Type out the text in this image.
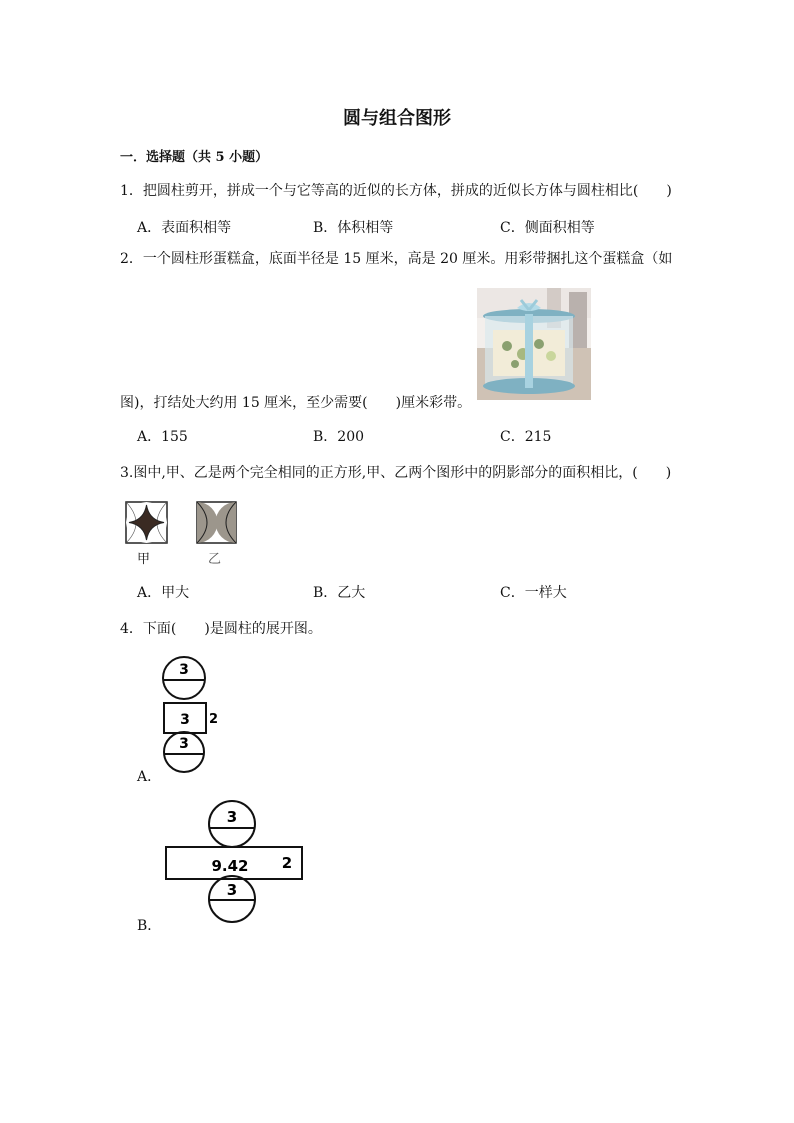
圆与组合图形
一．选择题（共 5 小题）
1．把圆柱剪开，拼成一个与它等高的近似的长方体，拼成的近似长方体与圆柱相比(　　)
A．表面积相等	B．体积相等	C．侧面积相等
2．一个圆柱形蛋糕盒，底面半径是 15 厘米，高是 20 厘米。用彩带捆扎这个蛋糕盒（如
图)，打结处大约用 15 厘米，至少需要(　　)厘米彩带。
A．155	B．200	C．215
3.图中,甲、乙是两个完全相同的正方形,甲、乙两个图形中的阴影部分的面积相比，(　　)
甲	乙
A．甲大	B．乙大	C．一样大
4．下面(　　)是圆柱的展开图。
3
3 2
3
A．
3
9.42 2
3
B．
